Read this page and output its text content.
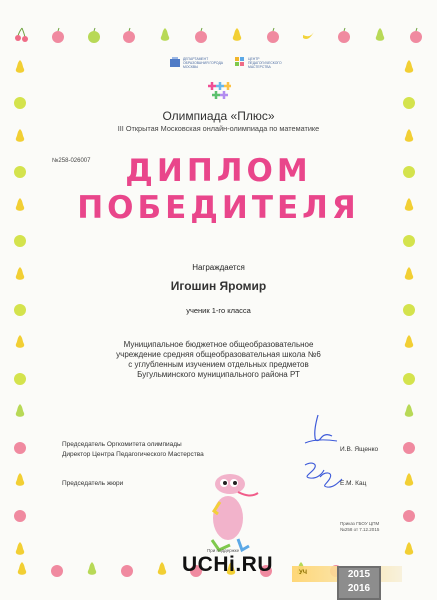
ДЕПАРТАМЕНТ ОБРАЗОВАНИЯ ГОРОДА МОСКВЫ
ЦЕНТР ПЕДАГОГИЧЕСКОГО МАСТЕРСТВА
Олимпиада «Плюс»
III Открытая Московская онлайн-олимпиада по математике
№258-026007	ДИПЛОМ
ПОБЕДИТЕЛЯ
Награждается
Игошин Яромир
ученик 1-го класса
Муниципальное бюджетное общеобразовательное
учреждение средняя общеобразовательная школа №6
с углубленным изучением отдельных предметов
Бугульминского муниципального района РТ
Председатель Оргкомитета олимпиады
Директор Центра Педагогического Мастерства
И.В. Ященко
Председатель жюри	Е.М. Кац
Приказ ГБОУ ЦПМ
№258 от 7.12.2015
При поддержке
UCHi.RU	УЧ	2015
2016
